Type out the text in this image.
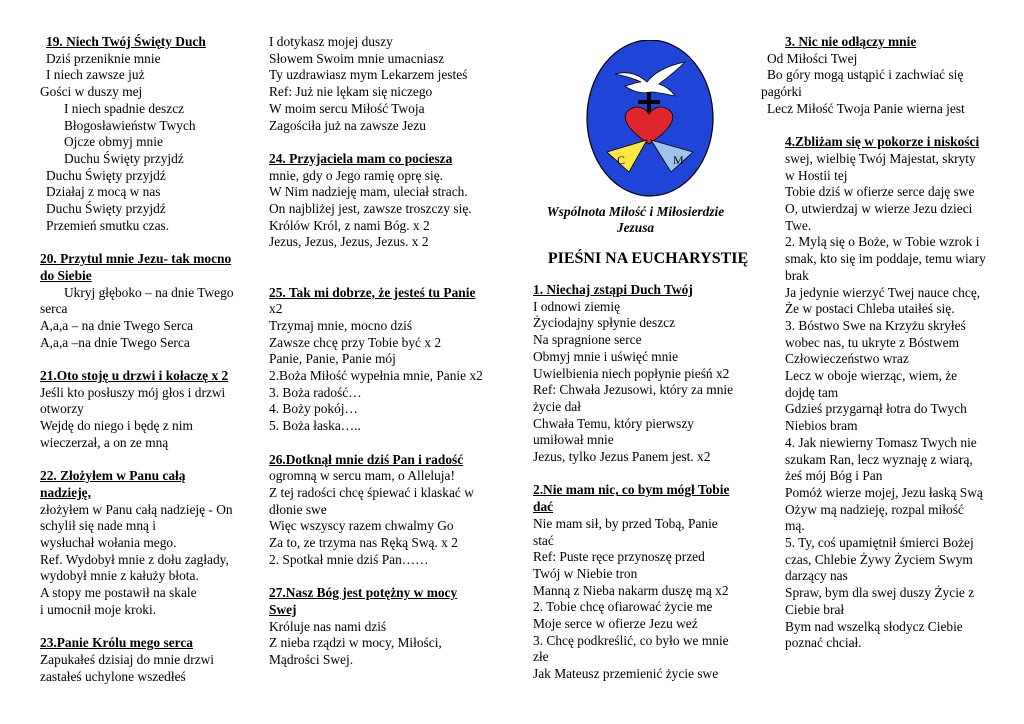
19. Niech Twój Święty Duch
Dziś przeniknie mnie
I niech zawsze już
Gości w duszy mej
I niech spadnie deszcz
Błogosławieństw Twych
Ojcze obmyj mnie
Duchu Święty przyjdź
Duchu Święty przyjdź
Działaj z mocą w nas
Duchu Święty przyjdź
Przemień smutku czas.
20. Przytul mnie Jezu- tak mocno
do Siebie
Ukryj głęboko – na dnie Twego
serca
A,a,a – na dnie Twego Serca
A,a,a –na dnie Twego Serca
21.Oto stoję u drzwi i kołaczę x 2
Jeśli kto posłuszy mój głos i drzwi
otworzy
Wejdę do niego i będę z nim
wieczerzał, a on ze mną
22. Złożyłem w Panu całą
nadzieję,
złożyłem w Panu całą nadzieję - On
schylił się nade mną i
wysłuchał wołania mego.
Ref. Wydobył mnie z dołu zagłady,
wydobył mnie z kałuży błota.
A stopy me postawił na skale
i umocnił moje kroki.
23.Panie Królu mego serca
Zapukałeś dzisiaj do mnie drzwi
zastałeś uchylone wszedłeś
I dotykasz mojej duszy
Słowem Swoim mnie umacniasz
Ty uzdrawiasz mym Lekarzem jesteś
Ref: Już nie lękam się niczego
W moim sercu Miłość Twoja
Zagościła już na zawsze Jezu
24. Przyjaciela mam co pociesza
mnie, gdy o Jego ramię oprę się.
W Nim nadzieję mam, uleciał strach.
On najbliżej jest, zawsze troszczy się.
Królów Król, z nami Bóg. x 2
Jezus, Jezus, Jezus, Jezus. x 2
25. Tak mi dobrze, że jesteś tu Panie
x2
Trzymaj mnie, mocno dziś
Zawsze chcę przy Tobie być x 2
Panie, Panie, Panie mój
2.Boża Miłość wypełnia mnie, Panie x2
3. Boża radość…
4. Boży pokój…
5. Boża łaska…..
26.Dotknął mnie dziś Pan i radość
ogromną w sercu mam, o Alleluja!
Z tej radości chcę śpiewać i klaskać w
dłonie swe
Więc wszyscy razem chwalmy Go
Za to, ze trzyma nas Ręką Swą. x 2
2. Spotkał mnie dziś Pan……
27.Nasz Bóg jest potężny w mocy
Swej
Króluje nas nami dziś
Z nieba rządzi w mocy, Miłości,
Mądrości Swej.
C	M
Wspólnota Miłość i Miłosierdzie
Jezusa
PIEŚNI NA EUCHARYSTIĘ
1. Niechaj zstąpi Duch Twój
I odnowi ziemię
Życiodajny spłynie deszcz
Na spragnione serce
Obmyj mnie i uświęć mnie
Uwielbienia niech popłynie pieśń x2
Ref: Chwała Jezusowi, który za mnie
życie dał
Chwała Temu, który pierwszy
umiłował mnie
Jezus, tylko Jezus Panem jest. x2
2.Nie mam nic, co bym mógł Tobie
dać
Nie mam sił, by przed Tobą, Panie
stać
Ref: Puste ręce przynoszę przed
Twój w Niebie tron
Manną z Nieba nakarm duszę mą x2
2. Tobie chcę ofiarować życie me
Moje serce w ofierze Jezu weź
3. Chcę podkreślić, co było we mnie
złe
Jak Mateusz przemienić życie swe
3. Nic nie odłączy mnie
Od Miłości Twej
Bo góry mogą ustąpić i zachwiać się
pagórki
Lecz Miłość Twoja Panie wierna jest
4.Zbliżam się w pokorze i niskości
swej, wielbię Twój Majestat, skryty
w Hostii tej
Tobie dziś w ofierze serce daję swe
O, utwierdzaj w wierze Jezu dzieci
Twe.
2. Mylą się o Boże, w Tobie wzrok i
smak, kto się im poddaje, temu wiary
brak
Ja jedynie wierzyć Twej nauce chcę,
Że w postaci Chleba utaiłeś się.
3. Bóstwo Swe na Krzyżu skryłeś
wobec nas, tu ukryte z Bóstwem
Człowieczeństwo wraz
Lecz w oboje wierząc, wiem, że
dojdę tam
Gdzieś przygarnął łotra do Twych
Niebios bram
4. Jak niewierny Tomasz Twych nie
szukam Ran, lecz wyznaję z wiarą,
żeś mój Bóg i Pan
Pomóż wierze mojej, Jezu łaską Swą
Ożyw mą nadzieję, rozpal miłość
mą.
5. Ty, coś upamiętnił śmierci Bożej
czas, Chlebie Żywy Życiem Swym
darzący nas
Spraw, bym dla swej duszy Życie z
Ciebie brał
Bym nad wszelką słodycz Ciebie
poznać chciał.
